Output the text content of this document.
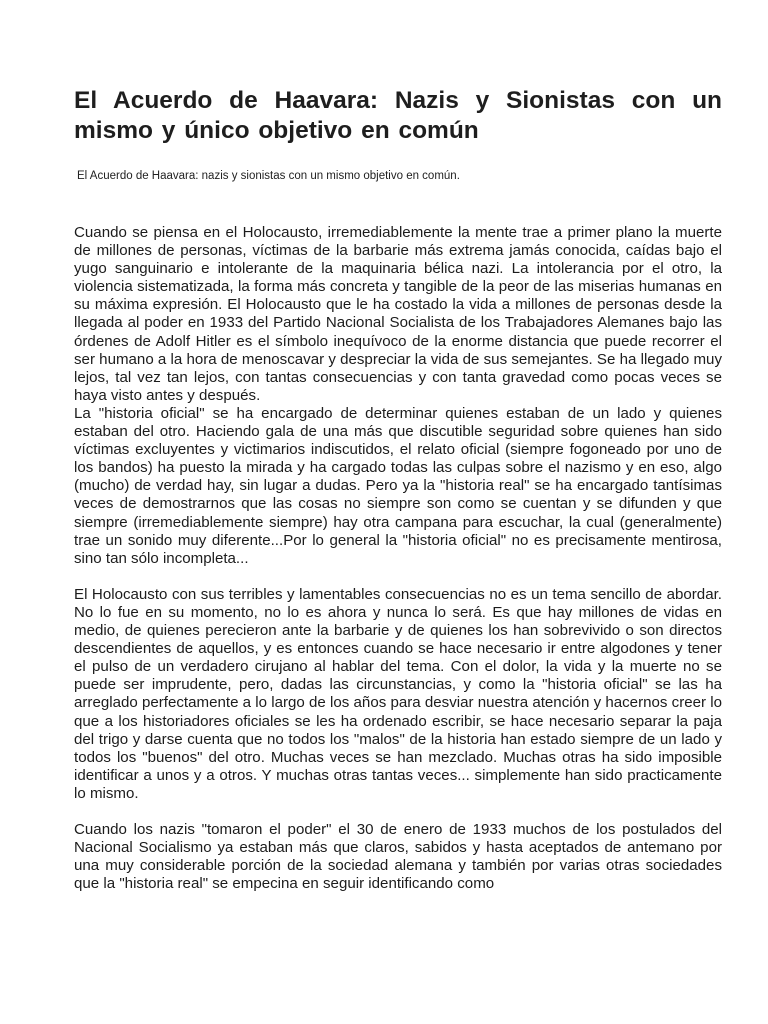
El Acuerdo de Haavara: Nazis y Sionistas con un mismo y único objetivo en común
El Acuerdo de Haavara: nazis y sionistas con un mismo objetivo en común.

Cuando se piensa en el Holocausto, irremediablemente la mente trae a primer plano la muerte de millones de personas, víctimas de la barbarie más extrema jamás conocida, caídas bajo el yugo sanguinario e intolerante de la maquinaria bélica nazi. La intolerancia por el otro, la violencia sistematizada, la forma más concreta y tangible de la peor de las miserias humanas en su máxima expresión. El Holocausto que le ha costado la vida a millones de personas desde la llegada al poder en 1933 del Partido Nacional Socialista de los Trabajadores Alemanes bajo las órdenes de Adolf Hitler es el símbolo inequívoco de la enorme distancia que puede recorrer el ser humano a la hora de menoscavar y despreciar la vida de sus semejantes. Se ha llegado muy lejos, tal vez tan lejos, con tantas consecuencias y con tanta gravedad como pocas veces se haya visto antes y después.

La "historia oficial" se ha encargado de determinar quienes estaban de un lado y quienes estaban del otro. Haciendo gala de una más que discutible seguridad sobre quienes han sido víctimas excluyentes y victimarios indiscutidos, el relato oficial (siempre fogoneado por uno de los bandos) ha puesto la mirada y ha cargado todas las culpas sobre el nazismo y en eso, algo (mucho) de verdad hay, sin lugar a dudas. Pero ya la "historia real" se ha encargado tantísimas veces de demostrarnos que las cosas no siempre son como se cuentan y se difunden y que siempre (irremediablemente siempre) hay otra campana para escuchar, la cual (generalmente) trae un sonido muy diferente...Por lo general la "historia oficial" no es precisamente mentirosa, sino tan sólo incompleta...

El Holocausto con sus terribles y lamentables consecuencias no es un tema sencillo de abordar. No lo fue en su momento, no lo es ahora y nunca lo será. Es que hay millones de vidas en medio, de quienes perecieron ante la barbarie y de quienes los han sobrevivido o son directos descendientes de aquellos, y es entonces cuando se hace necesario ir entre algodones y tener el pulso de un verdadero cirujano al hablar del tema. Con el dolor, la vida y la muerte no se puede ser imprudente, pero, dadas las circunstancias, y como la "historia oficial" se las ha arreglado perfectamente a lo largo de los años para desviar nuestra atención y hacernos creer lo que a los historiadores oficiales se les ha ordenado escribir, se hace necesario separar la paja del trigo y darse cuenta que no todos los "malos" de la historia han estado siempre de un lado y todos los "buenos" del otro. Muchas veces se han mezclado. Muchas otras ha sido imposible identificar a unos y a otros. Y muchas otras tantas veces... simplemente han sido practicamente lo mismo.

Cuando los nazis "tomaron el poder" el 30 de enero de 1933 muchos de los postulados del Nacional Socialismo ya estaban más que claros, sabidos y hasta aceptados de antemano por una muy considerable porción de la sociedad alemana y también por varias otras sociedades que la "historia real" se empecina en seguir identificando como
